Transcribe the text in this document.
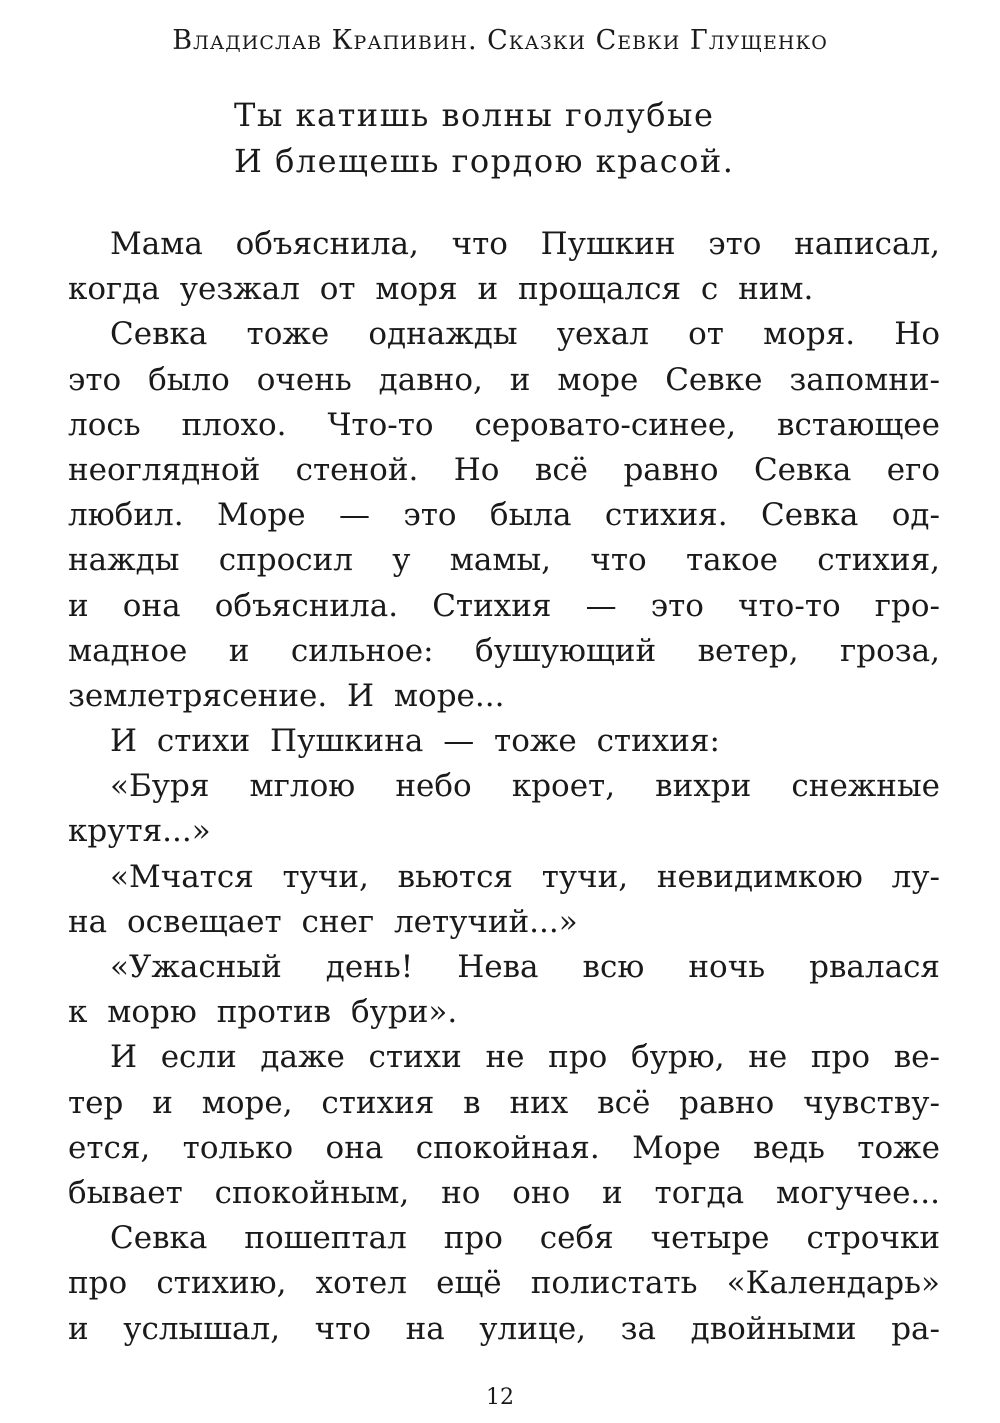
Владислав Крапивин. Сказки Севки Глущенко
Ты катишь волны голубые
И блещешь гордою красой.
Мама объяснила, что Пушкин это написал,
когда уезжал от моря и прощался с ним.
Севка тоже однажды уехал от моря. Но
это было очень давно, и море Севке запомни-
лось плохо. Что-то серовато-синее, встающее
неоглядной стеной. Но всё равно Севка его
любил. Море — это была стихия. Севка од-
нажды спросил у мамы, что такое стихия,
и она объяснила. Стихия — это что-то гро-
мадное и сильное: бушующий ветер, гроза,
землетрясение. И море...
И стихи Пушкина — тоже стихия:
«Буря мглою небо кроет, вихри снежные
крутя...»
«Мчатся тучи, вьются тучи, невидимкою лу-
на освещает снег летучий...»
«Ужасный день! Нева всю ночь рвалася
к морю против бури».
И если даже стихи не про бурю, не про ве-
тер и море, стихия в них всё равно чувству-
ется, только она спокойная. Море ведь тоже
бывает спокойным, но оно и тогда могучее...
Севка пошептал про себя четыре строчки
про стихию, хотел ещё полистать «Календарь»
и услышал, что на улице, за двойными ра-
12
